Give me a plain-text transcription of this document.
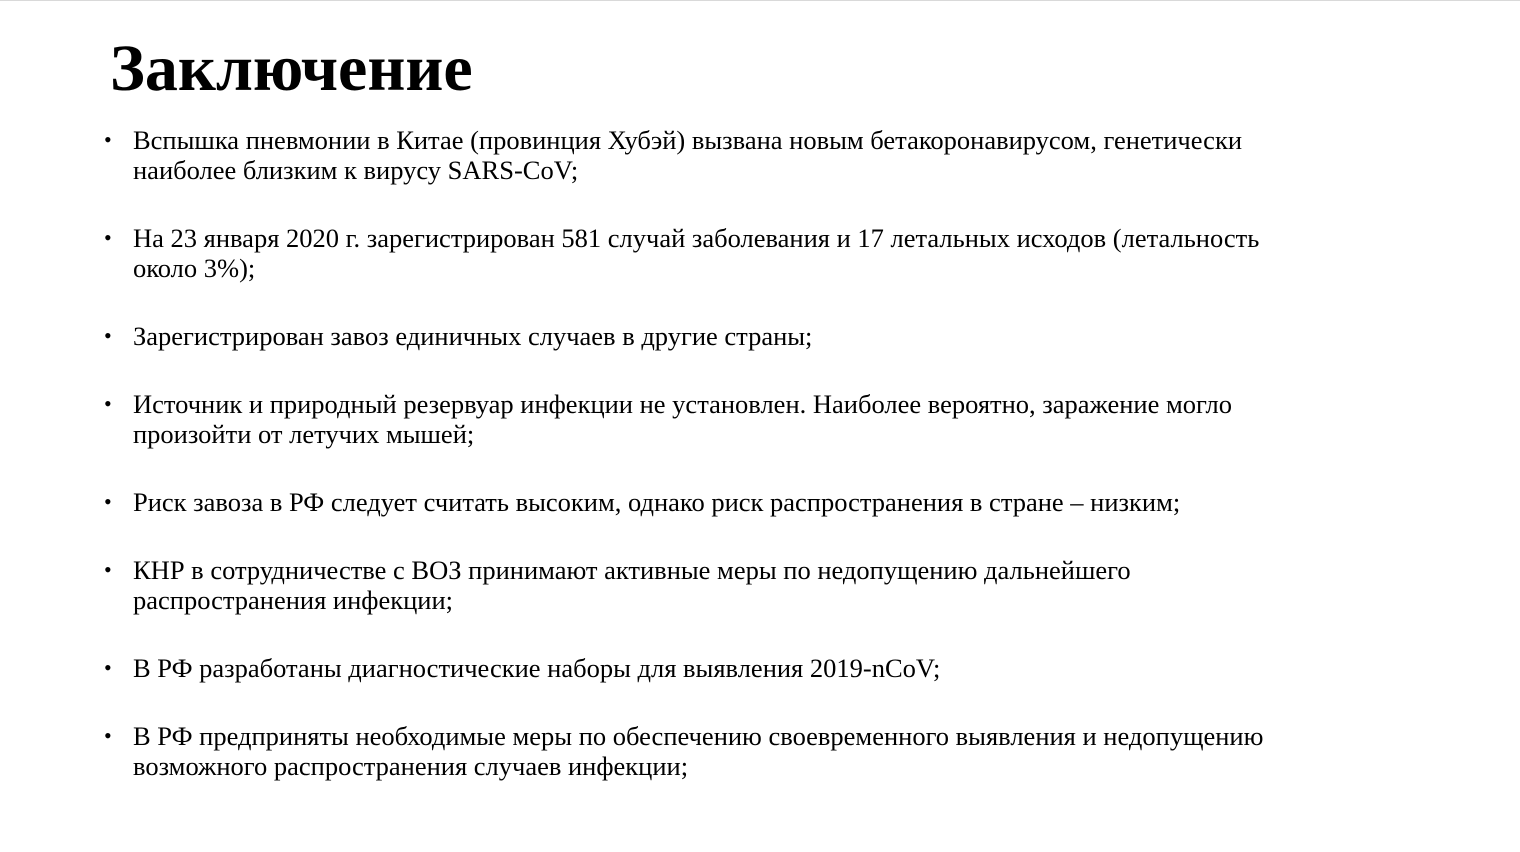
Заключение
• Вспышка пневмонии в Китае (провинция Хубэй) вызвана новым бетакоронавирусом, генетически
наиболее близким к вирусу SARS-CoV;
• На 23 января 2020 г. зарегистрирован 581 случай заболевания и 17 летальных исходов (летальность
около 3%);
• Зарегистрирован завоз единичных случаев в другие страны;
• Источник и природный резервуар инфекции не установлен. Наиболее вероятно, заражение могло
произойти от летучих мышей;
• Риск завоза в РФ следует считать высоким, однако риск распространения в стране – низким;
• КНР в сотрудничестве с ВОЗ принимают активные меры по недопущению дальнейшего
распространения инфекции;
• В РФ разработаны диагностические наборы для выявления 2019-nCoV;
• В РФ предприняты необходимые меры по обеспечению своевременного выявления и недопущению
возможного распространения случаев инфекции;
